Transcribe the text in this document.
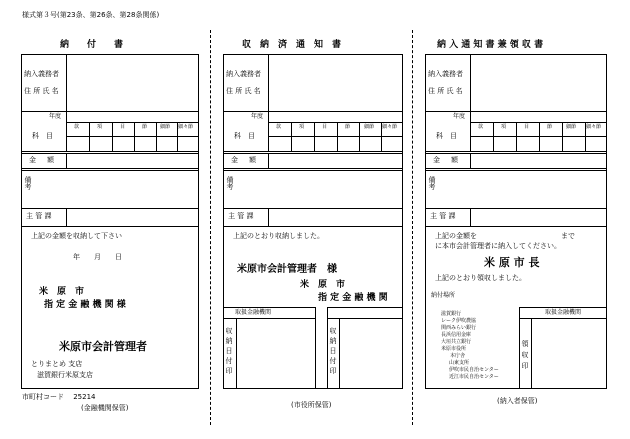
様式第３号(第23条、第26条、第28条関係)
納　　付　　書
納入義務者
住 所 氏 名
年度
科　目
款	項	目	節	細節 細々節
金 額
備考
主 管 課
上記の金額を収納して下さい
年　　月　　日
米　原　市
指 定 金 融 機 関 様
米原市会計管理者
とりまとめ 支店
滋賀銀行米原支店
市町村コード　 25214
(金融機関保管)
収　納　済　通　知　書
納入義務者
住 所 氏 名
年度
科　目
款	項	目	節	細節 細々節
金 額
備考
主 管 課
上記のとおり収納しました。
米原市会計管理者　様
米　原　市
指 定 金 融 機 関
取扱金融機関
収納日付印	収納日付印
(市役所保管)
納 入 通 知 書 兼 領 収 書
納入義務者
住 所 氏 名
年度
科　目
款	項	目	節	細節 細々節
金 額
備考
主 管 課
上記の金額を　　　　　　　　　　　　まで
に本市会計管理者に納入してください。
米 原 市 長
上記のとおり領収しました。
納付場所
滋賀銀行
レーク伊吹農協
関西みらい銀行
長浜信用金庫
大垣共立銀行
米原市役所
本庁舎
山東支所
伊吹市民自治センター
近江市民自治センター
取扱金融機関
領収印
(納入者保管)
